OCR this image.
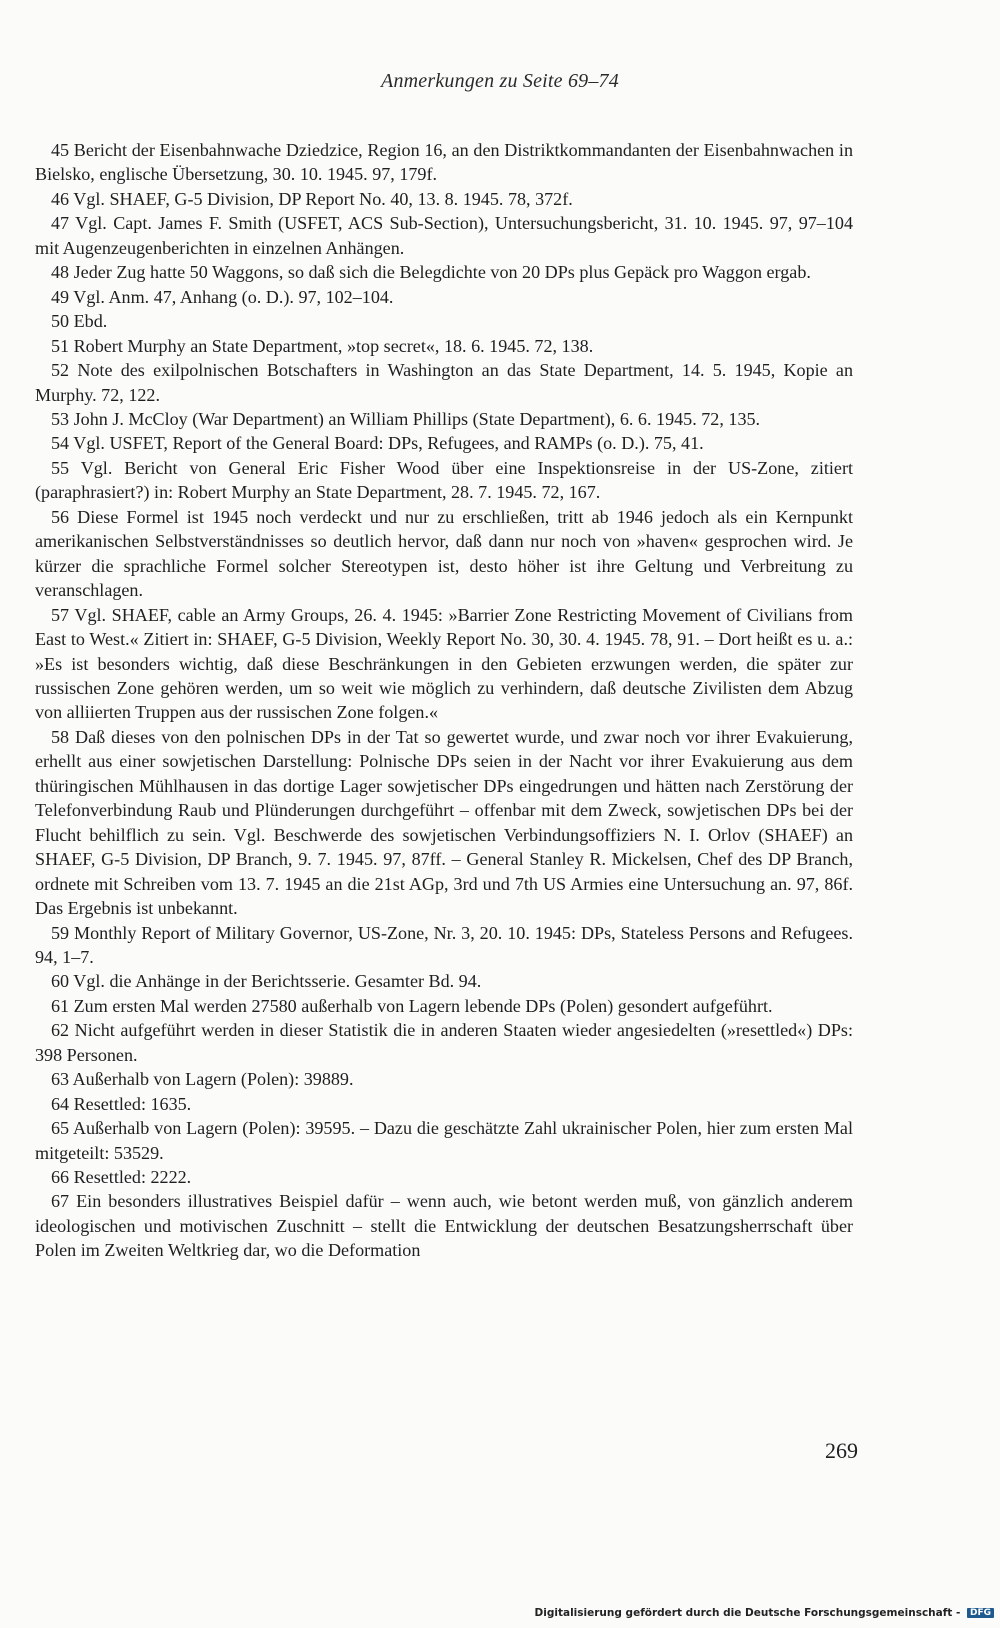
Anmerkungen zu Seite 69–74

45 Bericht der Eisenbahnwache Dziedzice, Region 16, an den Distriktkommandanten der Eisenbahnwachen in Bielsko, englische Übersetzung, 30. 10. 1945. 97, 179f.

46 Vgl. SHAEF, G-5 Division, DP Report No. 40, 13. 8. 1945. 78, 372f.

47 Vgl. Capt. James F. Smith (USFET, ACS Sub-Section), Untersuchungsbericht, 31. 10. 1945. 97, 97–104 mit Augenzeugenberichten in einzelnen Anhängen.

48 Jeder Zug hatte 50 Waggons, so daß sich die Belegdichte von 20 DPs plus Gepäck pro Waggon ergab.

49 Vgl. Anm. 47, Anhang (o. D.). 97, 102–104.

50 Ebd.

51 Robert Murphy an State Department, »top secret«, 18. 6. 1945. 72, 138.

52 Note des exilpolnischen Botschafters in Washington an das State Department, 14. 5. 1945, Kopie an Murphy. 72, 122.

53 John J. McCloy (War Department) an William Phillips (State Department), 6. 6. 1945. 72, 135.

54 Vgl. USFET, Report of the General Board: DPs, Refugees, and RAMPs (o. D.). 75, 41.

55 Vgl. Bericht von General Eric Fisher Wood über eine Inspektionsreise in der US-Zone, zitiert (paraphrasiert?) in: Robert Murphy an State Department, 28. 7. 1945. 72, 167.

56 Diese Formel ist 1945 noch verdeckt und nur zu erschließen, tritt ab 1946 jedoch als ein Kernpunkt amerikanischen Selbstverständnisses so deutlich hervor, daß dann nur noch von »haven« gesprochen wird. Je kürzer die sprachliche Formel solcher Stereotypen ist, desto höher ist ihre Geltung und Verbreitung zu veranschlagen.

57 Vgl. SHAEF, cable an Army Groups, 26. 4. 1945: »Barrier Zone Restricting Movement of Civilians from East to West.« Zitiert in: SHAEF, G-5 Division, Weekly Report No. 30, 30. 4. 1945. 78, 91. – Dort heißt es u. a.: »Es ist besonders wichtig, daß diese Beschränkungen in den Gebieten erzwungen werden, die später zur russischen Zone gehören werden, um so weit wie möglich zu verhindern, daß deutsche Zivilisten dem Abzug von alliierten Truppen aus der russischen Zone folgen.«

58 Daß dieses von den polnischen DPs in der Tat so gewertet wurde, und zwar noch vor ihrer Evakuierung, erhellt aus einer sowjetischen Darstellung: Polnische DPs seien in der Nacht vor ihrer Evakuierung aus dem thüringischen Mühlhausen in das dortige Lager sowjetischer DPs eingedrungen und hätten nach Zerstörung der Telefonverbindung Raub und Plünderungen durchgeführt – offenbar mit dem Zweck, sowjetischen DPs bei der Flucht behilflich zu sein. Vgl. Beschwerde des sowjetischen Verbindungsoffiziers N. I. Orlov (SHAEF) an SHAEF, G-5 Division, DP Branch, 9. 7. 1945. 97, 87ff. – General Stanley R. Mickelsen, Chef des DP Branch, ordnete mit Schreiben vom 13. 7. 1945 an die 21st AGp, 3rd und 7th US Armies eine Untersuchung an. 97, 86f. Das Ergebnis ist unbekannt.

59 Monthly Report of Military Governor, US-Zone, Nr. 3, 20. 10. 1945: DPs, Stateless Persons and Refugees. 94, 1–7.

60 Vgl. die Anhänge in der Berichtsserie. Gesamter Bd. 94.

61 Zum ersten Mal werden 27580 außerhalb von Lagern lebende DPs (Polen) gesondert aufgeführt.

62 Nicht aufgeführt werden in dieser Statistik die in anderen Staaten wieder angesiedelten (»resettled«) DPs: 398 Personen.

63 Außerhalb von Lagern (Polen): 39889.

64 Resettled: 1635.

65 Außerhalb von Lagern (Polen): 39595. – Dazu die geschätzte Zahl ukrainischer Polen, hier zum ersten Mal mitgeteilt: 53529.

66 Resettled: 2222.

67 Ein besonders illustratives Beispiel dafür – wenn auch, wie betont werden muß, von gänzlich anderem ideologischen und motivischen Zuschnitt – stellt die Entwicklung der deutschen Besatzungsherrschaft über Polen im Zweiten Weltkrieg dar, wo die Deformation

269
Digitalisierung gefördert durch die Deutsche Forschungsgemeinschaft - DFG
